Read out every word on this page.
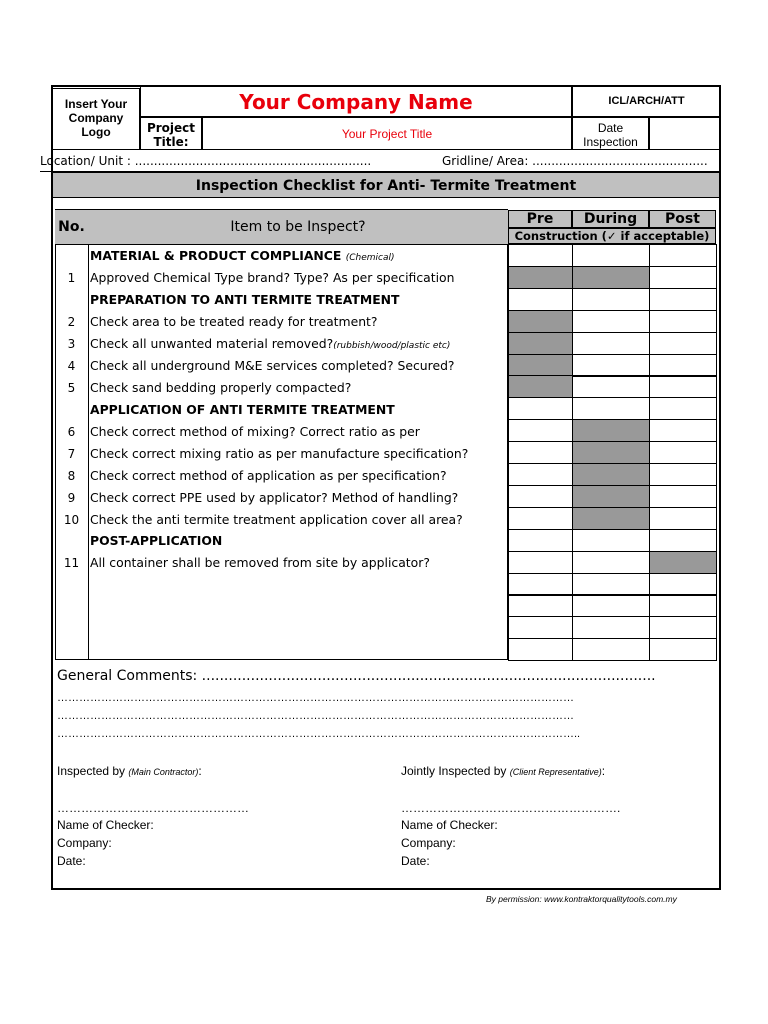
Insert Your
Company
Logo
Your Company Name	ICL/ARCH/ATT
Project
Title:
Your Project Title	Date
Inspection
Location/ Unit : ..............................................................	Gridline/ Area: ..............................................
Inspection Checklist for Anti- Termite Treatment
No.	Item to be Inspect?	Pre	During	Post
Construction (✓ if acceptable)
MATERIAL & PRODUCT COMPLIANCE (Chemical)
1	Approved Chemical Type brand? Type? As per specification
PREPARATION TO ANTI TERMITE TREATMENT
2	Check area to be treated ready for treatment?
3	Check all unwanted material removed?(rubbish/wood/plastic etc)
4	Check all underground M&E services completed? Secured?
5	Check sand bedding properly compacted?
APPLICATION OF ANTI TERMITE TREATMENT
6	Check correct method of mixing? Correct ratio as per
7	Check correct mixing ratio as per manufacture specification?
8	Check correct method of application as per specification?
9	Check correct PPE used by applicator? Method of handling?
10 Check the anti termite treatment application cover all area?
POST-APPLICATION
11 All container shall be removed from site by applicator?
General Comments: ......................................................................................................
……………………………………………………………………………………………………………………………
……………………………………………………………………………………………………………………………
……………………………………………………………………………………………………………………………..
Inspected by (Main Contractor):
…………………………………………
Name of Checker:
Company:
Date:
Jointly Inspected by (Client Representative):
……………………………………………….
Name of Checker:
Company:
Date:
By permission: www.kontraktorqualitytools.com.my
